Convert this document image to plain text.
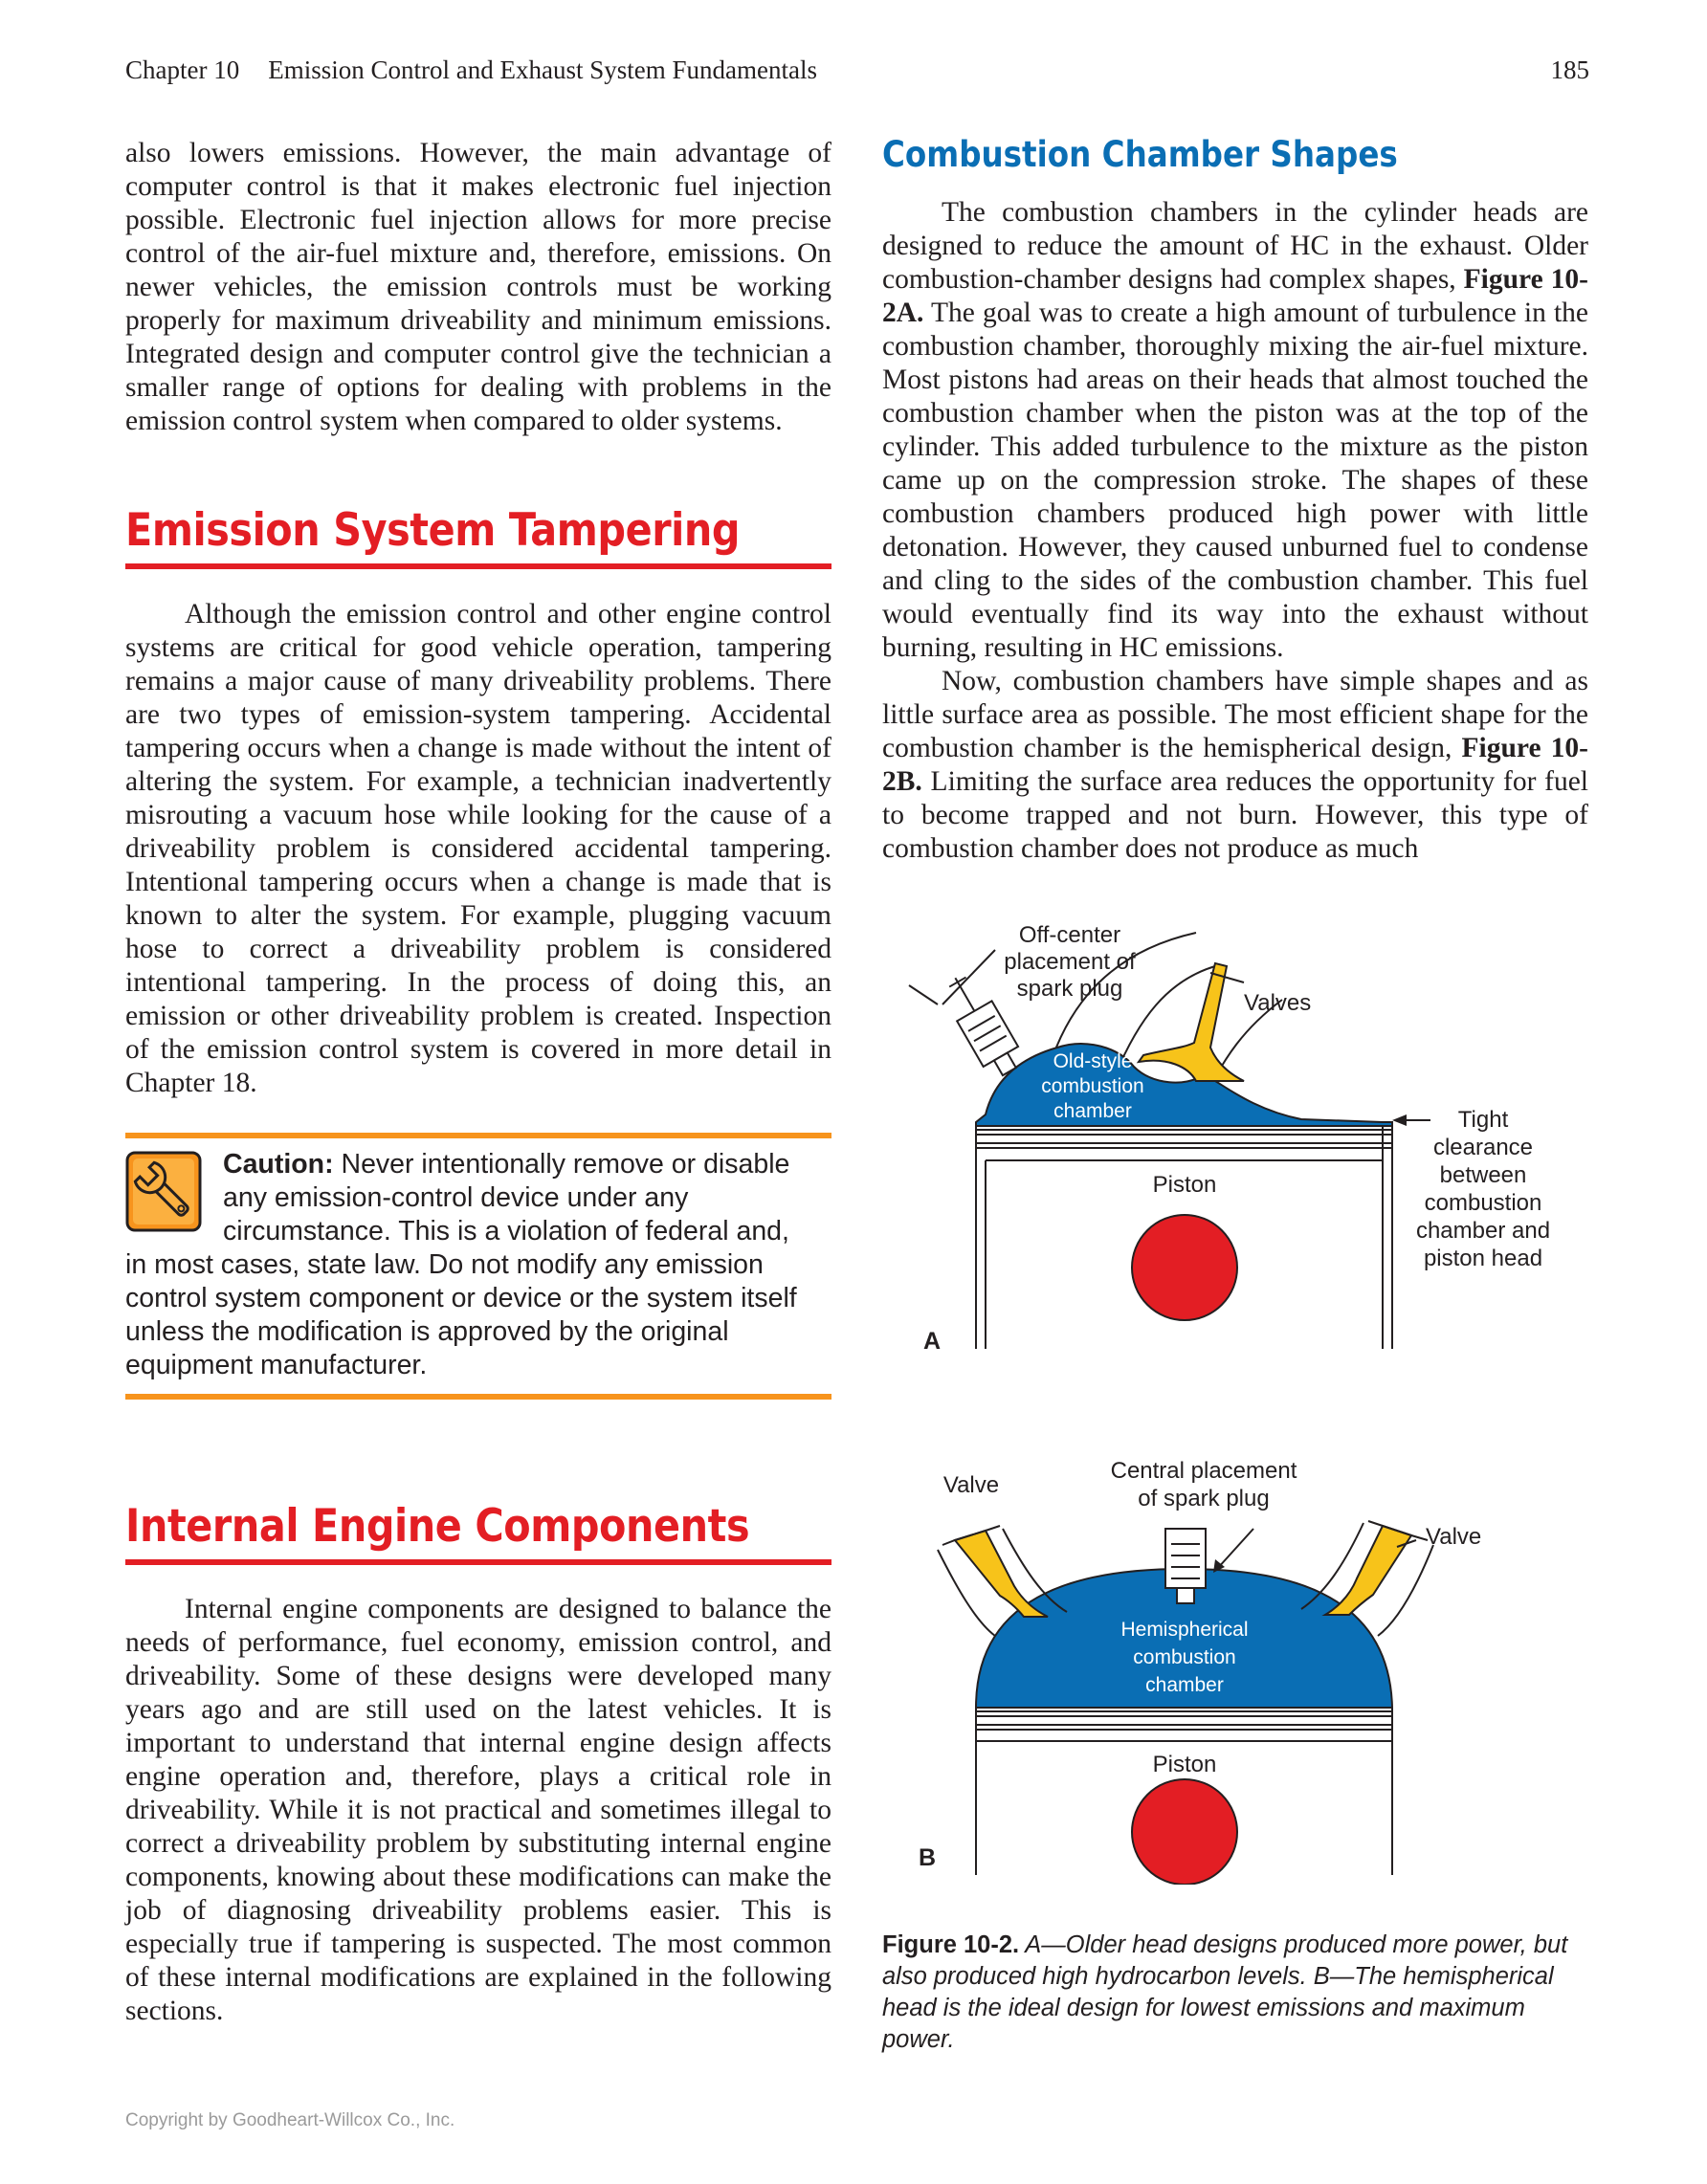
Chapter 10 Emission Control and Exhaust System Fundamentals	185

also lowers emissions. However, the main advantage of computer control is that it makes electronic fuel injection possible. Electronic fuel injection allows for more precise control of the air-fuel mixture and, therefore, emissions. On newer vehicles, the emission controls must be working properly for maximum driveability and minimum emissions. Integrated design and computer control give the technician a smaller range of options for dealing with problems in the emission control system when compared to older systems.

Emission System Tampering

Although the emission control and other engine control systems are critical for good vehicle operation, tampering remains a major cause of many driveability problems. There are two types of emission-system tampering. Accidental tampering occurs when a change is made without the intent of altering the system. For example, a technician inadvertently misrouting a vacuum hose while looking for the cause of a driveability problem is considered accidental tampering. Intentional tampering occurs when a change is made that is known to alter the system. For example, plugging vacuum hose to correct a driveability problem is considered intentional tampering. In the process of doing this, an emission or other driveability problem is created. Inspection of the emission control system is covered in more detail in Chapter 18.

Caution: Never intentionally remove or disable any emission-control device under any circumstance. This is a violation of federal and, in most cases, state law. Do not modify any emission control system component or device or the system itself unless the modification is approved by the original equipment manufacturer.
Internal Engine Components

Internal engine components are designed to balance the needs of performance, fuel economy, emission control, and driveability. Some of these designs were developed many years ago and are still used on the latest vehicles. It is important to understand that internal engine design affects engine operation and, therefore, plays a critical role in driveability. While it is not practical and sometimes illegal to correct a driveability problem by substituting internal engine components, knowing about these modifications can make the job of diagnosing driveability problems easier. This is especially true if tampering is suspected. The most common of these internal modifications are explained in the following sections.

Combustion Chamber Shapes

The combustion chambers in the cylinder heads are designed to reduce the amount of HC in the exhaust. Older combustion-chamber designs had complex shapes, Figure 10-2A. The goal was to create a high amount of turbulence in the combustion chamber, thoroughly mixing the air-fuel mixture. Most pistons had areas on their heads that almost touched the combustion chamber when the piston was at the top of the cylinder. This added turbulence to the mixture as the piston came up on the compression stroke. The shapes of these combustion chambers produced high power with little detonation. However, they caused unburned fuel to condense and cling to the sides of the combustion chamber. This fuel would eventually find its way into the exhaust without burning, resulting in HC emissions.

Now, combustion chambers have simple shapes and as little surface area as possible. The most efficient shape for the combustion chamber is the hemispherical design, Figure 10-2B. Limiting the surface area reduces the opportunity for fuel to become trapped and not burn. However, this type of combustion chamber does not produce as much

Off-center
placement of
spark plug
Valves
Old-style
combustion
chamber
Piston
Tight
clearance
between
combustion
chamber and
piston head
A
Valve
Central placement
of spark plug
Valve
Hemispherical
combustion
chamber
Piston
B
Figure 10-2. A—Older head designs produced more power, but also produced high hydrocarbon levels. B—The hemispherical head is the ideal design for lowest emissions and maximum power.
Copyright by Goodheart-Willcox Co., Inc.
